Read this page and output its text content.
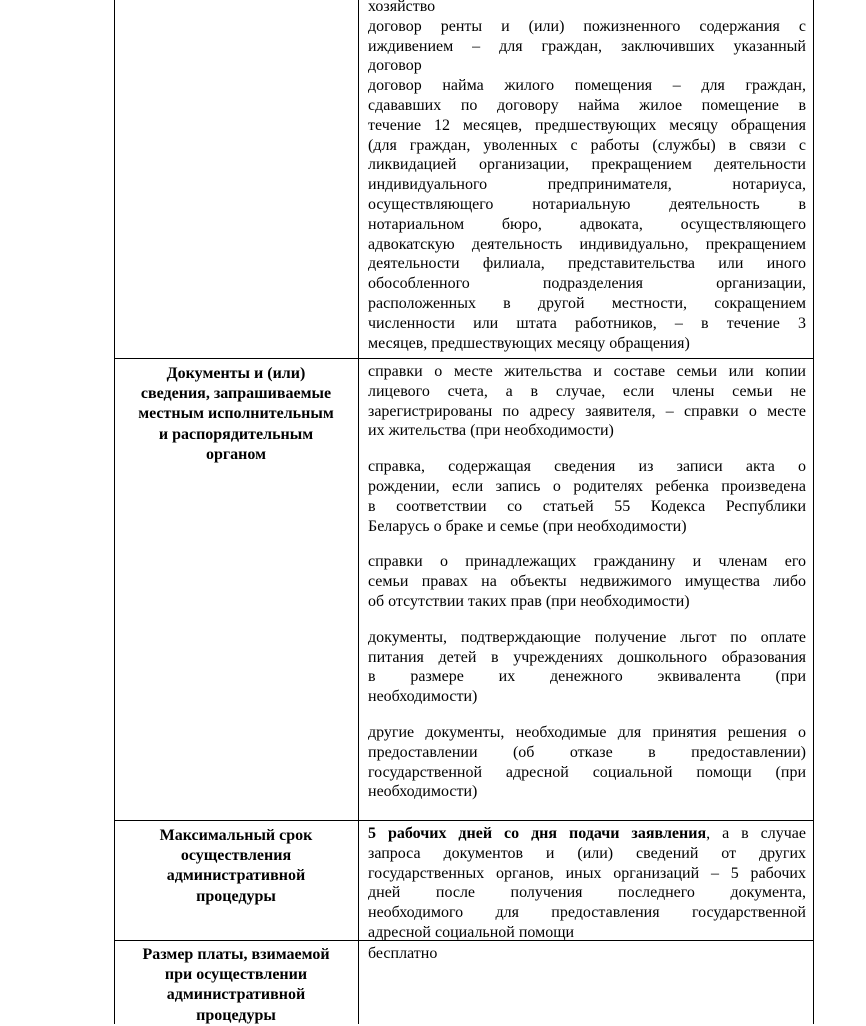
хозяйство
договор ренты и (или) пожизненного содержания с
иждивением – для граждан, заключивших указанный
договор
договор найма жилого помещения – для граждан,
сдававших по договору найма жилое помещение в
течение 12 месяцев, предшествующих месяцу обращения
(для граждан, уволенных с работы (службы) в связи с
ликвидацией организации, прекращением деятельности
индивидуального предпринимателя, нотариуса,
осуществляющего нотариальную деятельность в
нотариальном бюро, адвоката, осуществляющего
адвокатскую деятельность индивидуально, прекращением
деятельности филиала, представительства или иного
обособленного подразделения организации,
расположенных в другой местности, сокращением
численности или штата работников, – в течение 3
месяцев, предшествующих месяцу обращения)
Документы и (или)
сведения, запрашиваемые
местным исполнительным
и распорядительным
органом

справки о месте жительства и составе семьи или копии
лицевого счета, а в случае, если члены семьи не
зарегистрированы по адресу заявителя, – справки о месте
их жительства (при необходимости)

справка, содержащая сведения из записи акта о
рождении, если запись о родителях ребенка произведена
в соответствии со статьей 55 Кодекса Республики
Беларусь о браке и семье (при необходимости)

справки о принадлежащих гражданину и членам его
семьи правах на объекты недвижимого имущества либо
об отсутствии таких прав (при необходимости)

документы, подтверждающие получение льгот по оплате
питания детей в учреждениях дошкольного образования
в размере их денежного эквивалента (при
необходимости)

другие документы, необходимые для принятия решения о
предоставлении (об отказе в предоставлении)
государственной адресной социальной помощи (при
необходимости)

Максимальный срок
осуществления
административной
процедуры
5 рабочих дней со дня подачи заявления, а в случае
запроса документов и (или) сведений от других
государственных органов, иных организаций – 5 рабочих
дней после получения последнего документа,
необходимого для предоставления государственной
адресной социальной помощи
Размер платы, взимаемой
при осуществлении
административной
процедуры
бесплатно
